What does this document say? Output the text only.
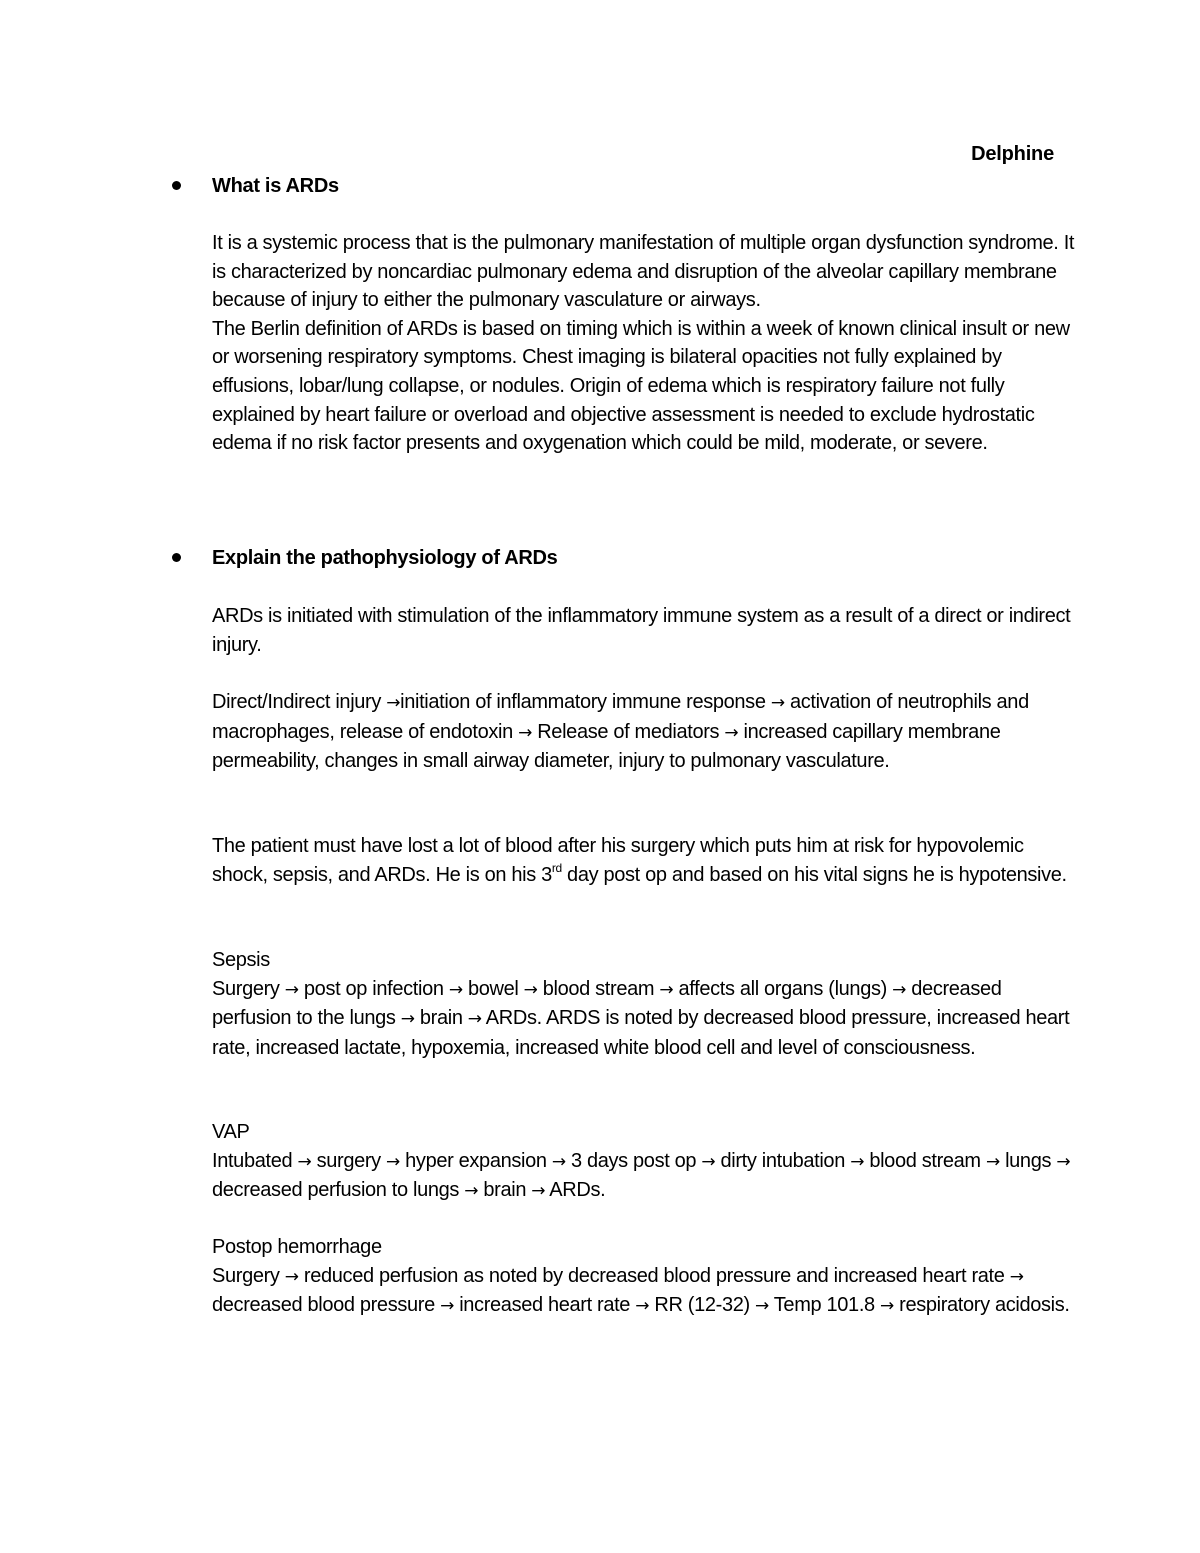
Delphine
What is ARDs

It is a systemic process that is the pulmonary manifestation of multiple organ dysfunction syndrome. It is characterized by noncardiac pulmonary edema and disruption of the alveolar capillary membrane because of injury to either the pulmonary vasculature or airways.

The Berlin definition of ARDs is based on timing which is within a week of known clinical insult or new or worsening respiratory symptoms. Chest imaging is bilateral opacities not fully explained by effusions, lobar/lung collapse, or nodules. Origin of edema which is respiratory failure not fully explained by heart failure or overload and objective assessment is needed to exclude hydrostatic edema if no risk factor presents and oxygenation which could be mild, moderate, or severe.

Explain the pathophysiology of ARDs

ARDs is initiated with stimulation of the inflammatory immune system as a result of a direct or indirect injury.

Direct/Indirect injury →initiation of inflammatory immune response → activation of neutrophils and macrophages, release of endotoxin → Release of mediators → increased capillary membrane permeability, changes in small airway diameter, injury to pulmonary vasculature.

The patient must have lost a lot of blood after his surgery which puts him at risk for hypovolemic shock, sepsis, and ARDs. He is on his 3rd day post op and based on his vital signs he is hypotensive.

Sepsis

Surgery → post op infection → bowel → blood stream → affects all organs (lungs) → decreased perfusion to the lungs → brain → ARDs. ARDS is noted by decreased blood pressure, increased heart rate, increased lactate, hypoxemia, increased white blood cell and level of consciousness.

VAP

Intubated → surgery → hyper expansion → 3 days post op → dirty intubation → blood stream → lungs → decreased perfusion to lungs → brain → ARDs.

Postop hemorrhage

Surgery → reduced perfusion as noted by decreased blood pressure and increased heart rate → decreased blood pressure → increased heart rate → RR (12-32) → Temp 101.8 → respiratory acidosis.
